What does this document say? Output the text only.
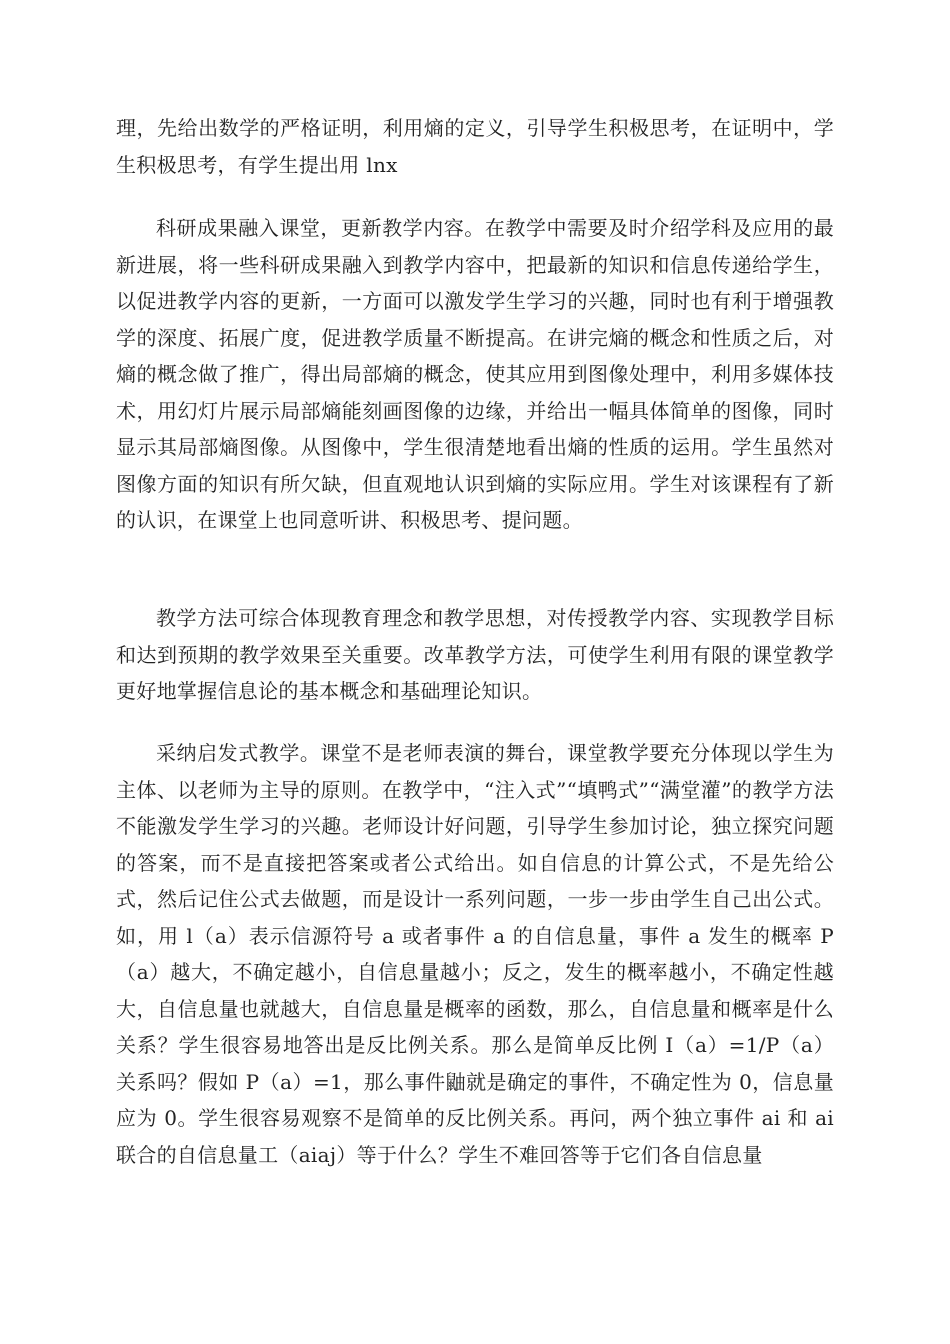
理，先给出数学的严格证明，利用熵的定义，引导学生积极思考，在证明中，学生积极思考，有学生提出用 lnx

科研成果融入课堂，更新教学内容。在教学中需要及时介绍学科及应用的最新进展，将一些科研成果融入到教学内容中，把最新的知识和信息传递给学生，以促进教学内容的更新，一方面可以激发学生学习的兴趣，同时也有利于增强教学的深度、拓展广度，促进教学质量不断提高。在讲完熵的概念和性质之后，对熵的概念做了推广，得出局部熵的概念，使其应用到图像处理中，利用多媒体技术，用幻灯片展示局部熵能刻画图像的边缘，并给出一幅具体简单的图像，同时显示其局部熵图像。从图像中，学生很清楚地看出熵的性质的运用。学生虽然对图像方面的知识有所欠缺，但直观地认识到熵的实际应用。学生对该课程有了新的认识，在课堂上也同意听讲、积极思考、提问题。

教学方法可综合体现教育理念和教学思想，对传授教学内容、实现教学目标和达到预期的教学效果至关重要。改革教学方法，可使学生利用有限的课堂教学更好地掌握信息论的基本概念和基础理论知识。

采纳启发式教学。课堂不是老师表演的舞台，课堂教学要充分体现以学生为主体、以老师为主导的原则。在教学中，“注入式”“填鸭式”“满堂灌”的教学方法不能激发学生学习的兴趣。老师设计好问题，引导学生参加讨论，独立探究问题的答案，而不是直接把答案或者公式给出。如自信息的计算公式，不是先给公式，然后记住公式去做题，而是设计一系列问题，一步一步由学生自己出公式。如，用 l（a）表示信源符号 a 或者事件 a 的自信息量，事件 a 发生的概率 P（a）越大，不确定越小，自信息量越小；反之，发生的概率越小，不确定性越大，自信息量也就越大，自信息量是概率的函数，那么，自信息量和概率是什么关系？学生很容易地答出是反比例关系。那么是简单反比例 I（a）=1/P（a）关系吗？假如 P（a）=1，那么事件鼬就是确定的事件，不确定性为 0，信息量应为 0。学生很容易观察不是简单的反比例关系。再问，两个独立事件 ai 和 ai 联合的自信息量工（aiaj）等于什么？学生不难回答等于它们各自信息量
